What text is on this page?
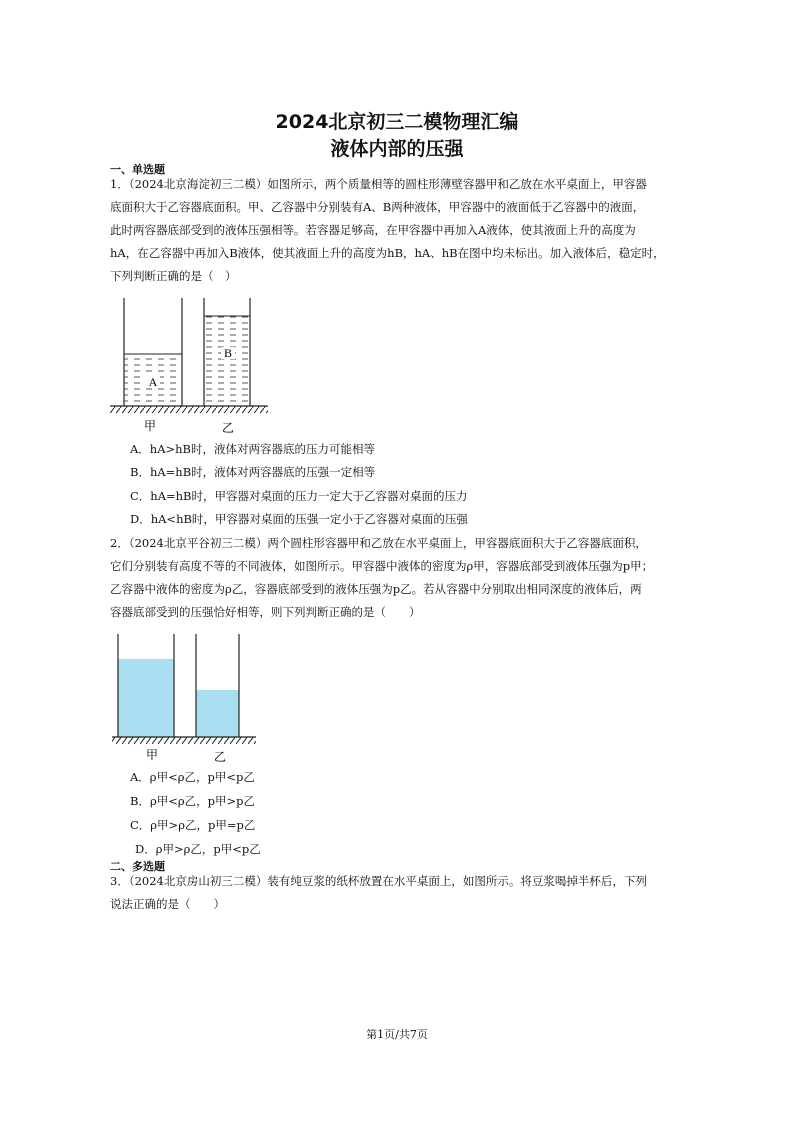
2024北京初三二模物理汇编
液体内部的压强
一、单选题
1．（2024北京海淀初三二模）如图所示，两个质量相等的圆柱形薄壁容器甲和乙放在水平桌面上，甲容器
底面积大于乙容器底面积。甲、乙容器中分别装有A、B两种液体，甲容器中的液面低于乙容器中的液面，
此时两容器底部受到的液体压强相等。若容器足够高，在甲容器中再加入A液体，使其液面上升的高度为
hA，在乙容器中再加入B液体，使其液面上升的高度为hB，hA、hB在图中均未标出。加入液体后，稳定时，
下列判断正确的是（　）
A
B
甲	乙
A．hA>hB时，液体对两容器底的压力可能相等
B．hA=hB时，液体对两容器底的压强一定相等
C．hA=hB时，甲容器对桌面的压力一定大于乙容器对桌面的压力
D．hA<hB时，甲容器对桌面的压强一定小于乙容器对桌面的压强
2．（2024北京平谷初三二模）两个圆柱形容器甲和乙放在水平桌面上，甲容器底面积大于乙容器底面积，
它们分别装有高度不等的不同液体，如图所示。甲容器中液体的密度为ρ甲，容器底部受到液体压强为p甲；
乙容器中液体的密度为ρ乙，容器底部受到的液体压强为p乙。若从容器中分别取出相同深度的液体后，两
容器底部受到的压强恰好相等，则下列判断正确的是（　　）
甲	乙
A．ρ甲<ρ乙，p甲<p乙
B．ρ甲<ρ乙，p甲>p乙
C．ρ甲>ρ乙，p甲=p乙
D．ρ甲>ρ乙，p甲<p乙
二、多选题
3．（2024北京房山初三二模）装有纯豆浆的纸杯放置在水平桌面上，如图所示。将豆浆喝掉半杯后，下列
说法正确的是（　　）
第1页/共7页
